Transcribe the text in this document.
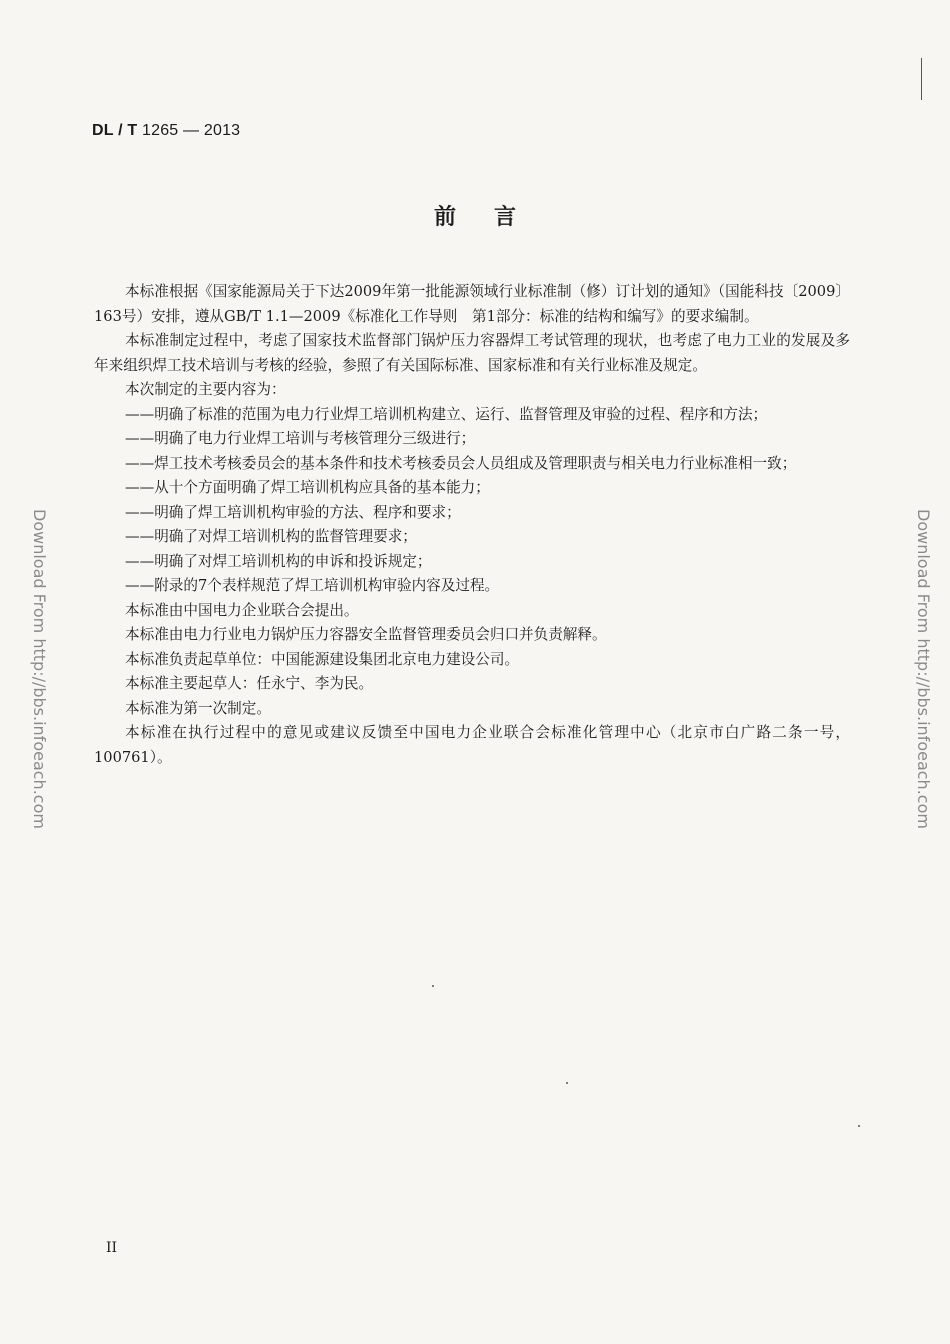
DL / T 1265 — 2013
前言

本标准根据《国家能源局关于下达2009年第一批能源领域行业标准制（修）订计划的通知》（国能科技〔2009〕163号）安排，遵从GB/T 1.1—2009《标准化工作导则　第1部分：标准的结构和编写》的要求编制。

本标准制定过程中，考虑了国家技术监督部门锅炉压力容器焊工考试管理的现状，也考虑了电力工业的发展及多年来组织焊工技术培训与考核的经验，参照了有关国际标准、国家标准和有关行业标准及规定。

本次制定的主要内容为：

——明确了标准的范围为电力行业焊工培训机构建立、运行、监督管理及审验的过程、程序和方法；

——明确了电力行业焊工培训与考核管理分三级进行；

——焊工技术考核委员会的基本条件和技术考核委员会人员组成及管理职责与相关电力行业标准相一致；

——从十个方面明确了焊工培训机构应具备的基本能力；

——明确了焊工培训机构审验的方法、程序和要求；

——明确了对焊工培训机构的监督管理要求；

——明确了对焊工培训机构的申诉和投诉规定；

——附录的7个表样规范了焊工培训机构审验内容及过程。

本标准由中国电力企业联合会提出。

本标准由电力行业电力锅炉压力容器安全监督管理委员会归口并负责解释。

本标准负责起草单位：中国能源建设集团北京电力建设公司。

本标准主要起草人：任永宁、李为民。

本标准为第一次制定。

本标准在执行过程中的意见或建议反馈至中国电力企业联合会标准化管理中心（北京市白广路二条一号，100761）。

II
Download From http://bbs.infoeach.com	Download From http://bbs.infoeach.com
